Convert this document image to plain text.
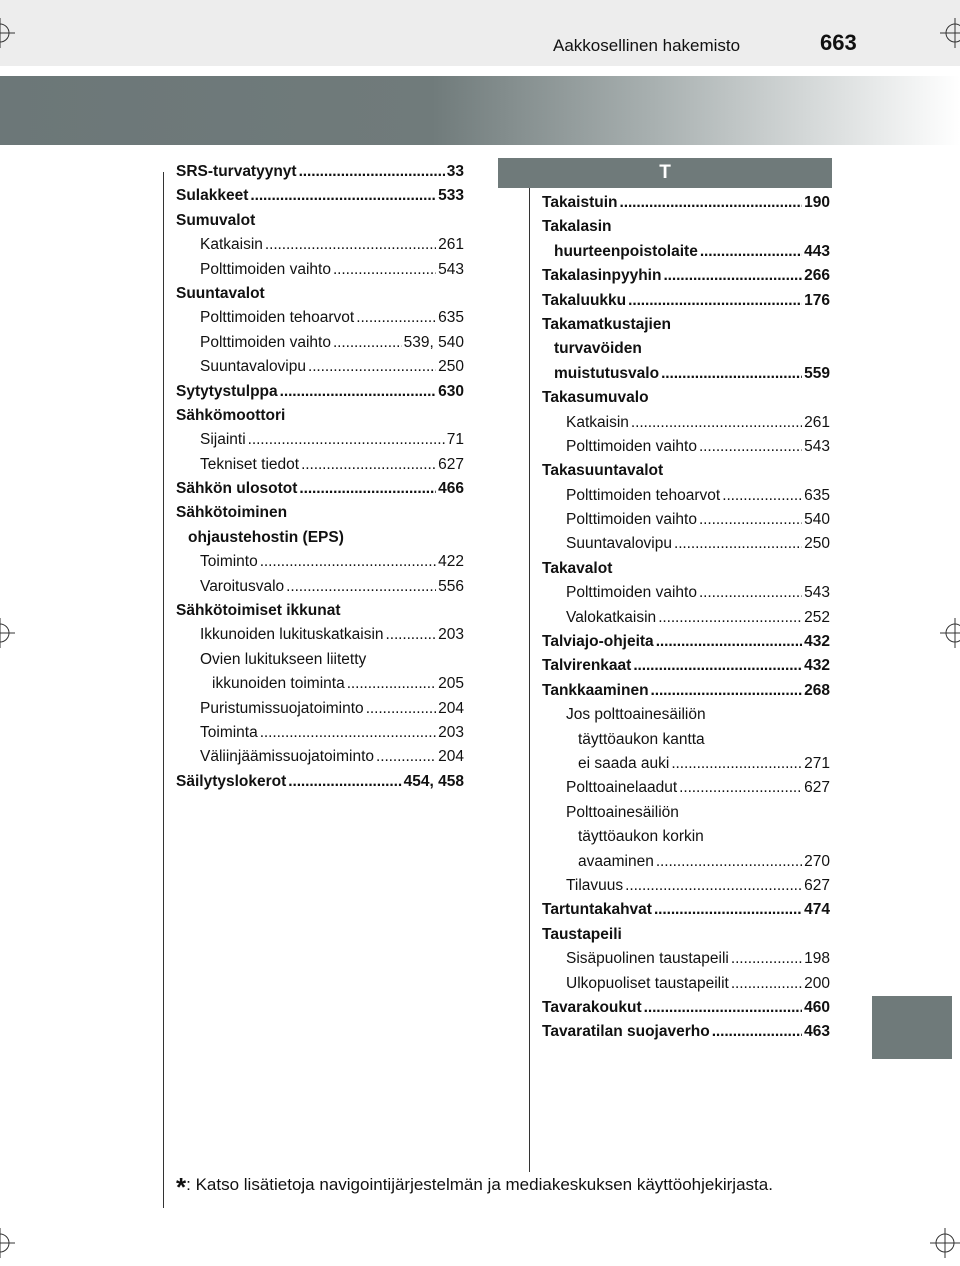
Aakkosellinen hakemisto	663
SRS-turvatyynyt . . .	33
Sulakkeet . . .	533
Sumuvalot
Katkaisin . . .	261
Polttimoiden vaihto . . .	543
Suuntavalot
Polttimoiden tehoarvot . . .	635
Polttimoiden vaihto . . .	539, 540
Suuntavalovipu . . .	250
Sytytystulppa . . .	630
Sähkömoottori
Sijainti . . .	71
Tekniset tiedot . . .	627
Sähkön ulosotot . . .	466
Sähkötoiminen
ohjaustehostin (EPS)
Toiminto . . .	422
Varoitusvalo . . .	556
Sähkötoimiset ikkunat
Ikkunoiden lukituskatkaisin . . .	203
Ovien lukitukseen liitetty
ikkunoiden toiminta . . .	205
Puristumissuojatoiminto . . .	204
Toiminta . . .	203
Väliinjäämissuojatoiminto . . .	204
Säilytyslokerot . . .	454, 458
T
Takaistuin . . .	190
Takalasin
huurteenpoistolaite . . .	443
Takalasinpyyhin . . .	266
Takaluukku . . .	176
Takamatkustajien
turvavöiden
muistutusvalo . . .	559
Takasumuvalo
Katkaisin . . .	261
Polttimoiden vaihto . . .	543
Takasuuntavalot
Polttimoiden tehoarvot . . .	635
Polttimoiden vaihto . . .	540
Suuntavalovipu . . .	250
Takavalot
Polttimoiden vaihto . . .	543
Valokatkaisin . . .	252
Talviajo-ohjeita . . .	432
Talvirenkaat . . .	432
Tankkaaminen . . .	268
Jos polttoainesäiliön
täyttöaukon kantta
ei saada auki . . .	271
Polttoainelaadut . . .	627
Polttoainesäiliön
täyttöaukon korkin
avaaminen . . .	270
Tilavuus . . .	627
Tartuntakahvat . . .	474
Taustapeili
Sisäpuolinen taustapeili . . .	198
Ulkopuoliset taustapeilit . . .	200
Tavarakoukut . . .	460
Tavaratilan suojaverho . . .	463
*: Katso lisätietoja navigointijärjestelmän ja mediakeskuksen käyttöohjekirjasta.
